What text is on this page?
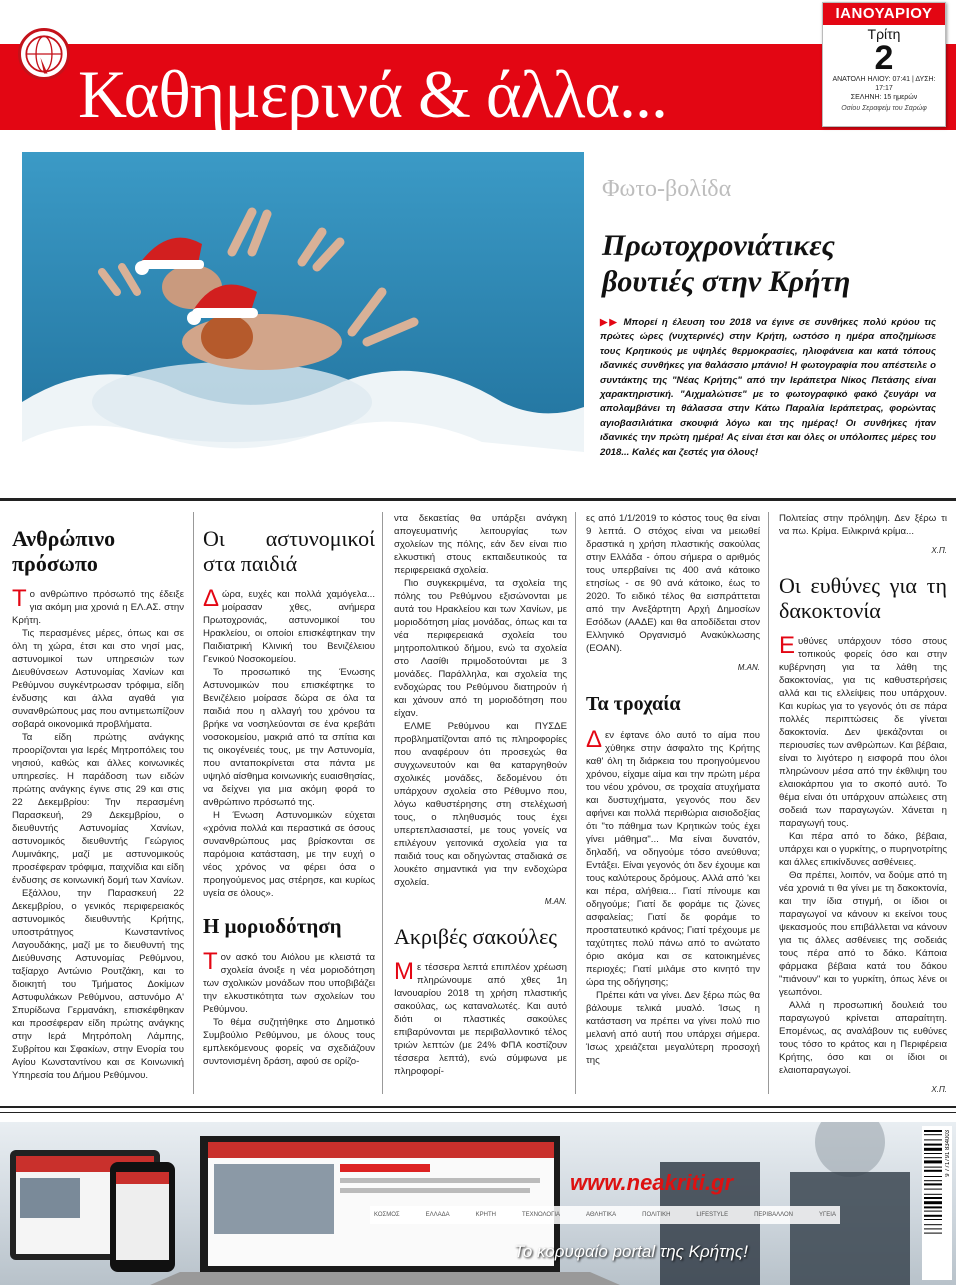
Καθημερινά & άλλα...
ΙΑΝΟΥΑΡΙΟΥ
Τρίτη
2
ΑΝΑΤΟΛΗ ΗΛΙΟΥ: 07:41 | ΔΥΣΗ: 17:17
ΣΕΛΗΝΗ: 15 ημερών
Οσίου Σεραφείμ του Σαρώφ
Φωτο-βολίδα
Πρωτοχρονιάτικες βουτιές στην Κρήτη
▶▶ Μπορεί η έλευση του 2018 να έγινε σε συνθήκες πολύ κρύου τις πρώτες ώρες (νυχτερινές) στην Κρήτη, ωστόσο η ημέρα αποζημίωσε τους Κρητικούς με υψηλές θερμοκρασίες, ηλιοφάνεια και κατά τόπους ιδανικές συνθήκες για θαλάσσιο μπάνιο! Η φωτογραφία που απέστειλε ο συντάκτης της "Νέας Κρήτης" από την Ιεράπετρα Νίκος Πετάσης είναι χαρακτηριστική. "Αιχμαλώτισε" με το φωτογραφικό φακό ζευγάρι να απολαμβάνει τη θάλασσα στην Κάτω Παραλία Ιεράπετρας, φορώντας αγιοβασιλιάτικα σκουφιά λόγω και της ημέρας! Οι συνθήκες ήταν ιδανικές την πρώτη ημέρα! Ας είναι έτσι και όλες οι υπόλοιπες μέρες του 2018... Καλές και ζεστές για όλους!
Ανθρώπινο πρόσωπο

Το ανθρώπινο πρόσωπό της έδειξε για ακόμη μια χρονιά η ΕΛ.ΑΣ. στην Κρήτη.

Τις περασμένες μέρες, όπως και σε όλη τη χώρα, έτσι και στο νησί μας, αστυνομικοί των υπηρεσιών των Διευθύνσεων Αστυνομίας Χανίων και Ρεθύμνου συγκέντρωσαν τρόφιμα, είδη ένδυσης και άλλα αγαθά για συνανθρώπους μας που αντιμετωπίζουν σοβαρά οικονομικά προβλήματα.

Τα είδη πρώτης ανάγκης προορίζονται για Ιερές Μητροπόλεις του νησιού, καθώς και άλλες κοινωνικές υπηρεσίες. Η παράδοση των ειδών πρώτης ανάγκης έγινε στις 29 και στις 22 Δεκεμβρίου: Την περασμένη Παρασκευή, 29 Δεκεμβρίου, ο διευθυντής Αστυνομίας Χανίων, αστυνομικός διευθυντής Γεώργιος Λυμινάκης, μαζί με αστυνομικούς προσέφεραν τρόφιμα, παιχνίδια και είδη ένδυσης σε κοινωνική δομή των Χανίων.

Εξάλλου, την Παρασκευή 22 Δεκεμβρίου, ο γενικός περιφερειακός αστυνομικός διευθυντής Κρήτης, υποστράτηγος Κωνσταντίνος Λαγουδάκης, μαζί με το διευθυντή της Διεύθυνσης Αστυνομίας Ρεθύμνου, ταξίαρχο Αντώνιο Ρουτζάκη, και το διοικητή του Τμήματος Δοκίμων Αστυφυλάκων Ρεθύμνου, αστυνόμο Α' Σπυρίδωνα Γερμανάκη, επισκέφθηκαν και προσέφεραν είδη πρώτης ανάγκης στην Ιερά Μητρόπολη Λάμπης, Συβρίτου και Σφακίων, στην Ενορία του Αγίου Κωνσταντίνου και σε Κοινωνική Υπηρεσία του Δήμου Ρεθύμνου.

Οι αστυνομικοί στα παιδιά

Δώρα, ευχές και πολλά χαμόγελα... μοίρασαν χθες, ανήμερα Πρωτοχρονιάς, αστυνομικοί του Ηρακλείου, οι οποίοι επισκέφτηκαν την Παιδιατρική Κλινική του Βενιζέλειου Γενικού Νοσοκομείου.

Το προσωπικό της Ένωσης Αστυνομικών που επισκέφτηκε το Βενιζέλειο μοίρασε δώρα σε όλα τα παιδιά που η αλλαγή του χρόνου τα βρήκε να νοσηλεύονται σε ένα κρεβάτι νοσοκομείου, μακριά από τα σπίτια και τις οικογένειές τους, με την Αστυνομία, που ανταποκρίνεται στα πάντα με υψηλό αίσθημα κοινωνικής ευαισθησίας, να δείχνει για μια ακόμη φορά το ανθρώπινο πρόσωπό της.

Η Ένωση Αστυνομικών εύχεται «χρόνια πολλά και περαστικά σε όσους συνανθρώπους μας βρίσκονται σε παρόμοια κατάσταση, με την ευχή ο νέος χρόνος να φέρει όσα ο προηγούμενος μας στέρησε, και κυρίως υγεία σε όλους».

Η μοριοδότηση

Τον ασκό του Αιόλου με κλειστά τα σχολεία άνοιξε η νέα μοριοδότηση των σχολικών μονάδων που υποβιβάζει την ελκυστικότητα των σχολείων του Ρεθύμνου.

Το θέμα συζητήθηκε στο Δημοτικό Συμβούλιο Ρεθύμνου, με όλους τους εμπλεκόμενους φορείς να σχεδιάζουν συντονισμένη δράση, αφού σε ορίζο-

ντα δεκαετίας θα υπάρξει ανάγκη απογευματινής λειτουργίας των σχολείων της πόλης, εάν δεν είναι πιο ελκυστική στους εκπαιδευτικούς τα περιφερειακά σχολεία.

Πιο συγκεκριμένα, τα σχολεία της πόλης του Ρεθύμνου εξισώνονται με αυτά του Ηρακλείου και των Χανίων, με μοριοδότηση μίας μονάδας, όπως και τα νέα περιφερειακά σχολεία του μητροπολιτικού δήμου, ενώ τα σχολεία στο Λασίθι πριμοδοτούνται με 3 μονάδες. Παράλληλα, και σχολεία της ενδοχώρας του Ρεθύμνου διατηρούν ή και χάνουν από τη μοριοδότηση που είχαν.

ΕΛΜΕ Ρεθύμνου και ΠΥΣΔΕ προβληματίζονται από τις πληροφορίες που αναφέρουν ότι προσεχώς θα συγχωνευτούν και θα καταργηθούν σχολικές μονάδες, δεδομένου ότι υπάρχουν σχολεία στο Ρέθυμνο που, λόγω καθυστέρησης στη στελέχωσή τους, ο πληθυσμός τους έχει υπερτεπλασιαστεί, με τους γονείς να επιλέγουν γειτονικά σχολεία για τα παιδιά τους και οδηγώντας σταδιακά σε λουκέτο σημαντικά για την ενδοχώρα σχολεία.

Μ.ΑΝ.
Ακριβές σακούλες

Με τέσσερα λεπτά επιπλέον χρέωση πληρώνουμε από χθες 1η Ιανουαρίου 2018 τη χρήση πλαστικής σακούλας, ως καταναλωτές. Και αυτό διότι οι πλαστικές σακούλες επιβαρύνονται με περιβαλλοντικό τέλος τριών λεπτών (με 24% ΦΠΑ κοστίζουν τέσσερα λεπτά), ενώ σύμφωνα με πληροφορί-

ες από 1/1/2019 το κόστος τους θα είναι 9 λεπτά. Ο στόχος είναι να μειωθεί δραστικά η χρήση πλαστικής σακούλας στην Ελλάδα - όπου σήμερα ο αριθμός τους υπερβαίνει τις 400 ανά κάτοικο ετησίως - σε 90 ανά κάτοικο, έως το 2020. Το ειδικό τέλος θα εισπράττεται από την Ανεξάρτητη Αρχή Δημοσίων Εσόδων (ΑΑΔΕ) και θα αποδίδεται στον Ελληνικό Οργανισμό Ανακύκλωσης (ΕΟΑΝ).

Μ.ΑΝ.
Τα τροχαία

Δεν έφτανε όλο αυτό το αίμα που χύθηκε στην άσφαλτο της Κρήτης καθ' όλη τη διάρκεια του προηγούμενου χρόνου, είχαμε αίμα και την πρώτη μέρα του νέου χρόνου, σε τροχαία ατυχήματα και δυστυχήματα, γεγονός που δεν αφήνει και πολλά περιθώρια αισιοδοξίας ότι "το πάθημα των Κρητικών τούς έχει γίνει μάθημα"... Μα είναι δυνατόν, δηλαδή, να οδηγούμε τόσο ανεύθυνα; Εντάξει. Είναι γεγονός ότι δεν έχουμε και τους καλύτερους δρόμους. Αλλά από 'κει και πέρα, αλήθεια... Γιατί πίνουμε και οδηγούμε; Γιατί δε φοράμε τις ζώνες ασφαλείας; Γιατί δε φοράμε το προστατευτικό κράνος; Γιατί τρέχουμε με ταχύτητες πολύ πάνω από το ανώτατο όριο ακόμα και σε κατοικημένες περιοχές; Γιατί μιλάμε στο κινητό την ώρα της οδήγησης;

Πρέπει κάτι να γίνει. Δεν ξέρω πώς θα βάλουμε τελικά μυαλό. Ίσως η κατάσταση να πρέπει να γίνει πολύ πιο μελανή από αυτή που υπάρχει σήμερα. Ίσως χρειάζεται μεγαλύτερη προσοχή της

Πολιτείας στην πρόληψη. Δεν ξέρω τι να πω. Κρίμα. Ειλικρινά κρίμα...

Χ.Π.
Οι ευθύνες για τη δακοκτονία

Ευθύνες υπάρχουν τόσο στους τοπικούς φορείς όσο και στην κυβέρνηση για τα λάθη της δακοκτονίας, για τις καθυστερήσεις αλλά και τις ελλείψεις που υπάρχουν. Και κυρίως για το γεγονός ότι σε πάρα πολλές περιπτώσεις δε γίνεται δακοκτονία. Δεν ψεκάζονται οι περιουσίες των ανθρώπων. Και βέβαια, είναι το λιγότερο η εισφορά που όλοι πληρώνουν μέσα από την έκθλιψη του ελαιοκάρπου για το σκοπό αυτό. Το θέμα είναι ότι υπάρχουν απώλειες στη σοδειά των παραγωγών. Χάνεται η παραγωγή τους.

Και πέρα από το δάκο, βέβαια, υπάρχει και ο γυρκίτης, ο πυρηνοτρίτης και άλλες επικίνδυνες ασθένειες.

Θα πρέπει, λοιπόν, να δούμε από τη νέα χρονιά τι θα γίνει με τη δακοκτονία, και την ίδια στιγμή, οι ίδιοι οι παραγωγοί να κάνουν κι εκείνοι τους ψεκασμούς που επιβάλλεται να κάνουν για τις άλλες ασθένειες της σοδειάς τους πέρα από το δάκο. Κάποια φάρμακα βέβαια κατά του δάκου "πιάνουν" και το γυρκίτη, όπως λένε οι γεωπόνοι.

Αλλά η προσωπική δουλειά του παραγωγού κρίνεται απαραίτητη. Επομένως, ας αναλάβουν τις ευθύνες τους τόσο το κράτος και η Περιφέρεια Κρήτης, όσο και οι ίδιοι οι ελαιοπαραγωγοί.

Χ.Π.
ΚΟΣΜΟΣ	ΕΛΛΑΔΑ	ΚΡΗΤΗ	ΤΕΧΝΟΛΟΓΙΑ	ΑΘΛΗΤΙΚΑ	ΠΟΛΙΤΙΚΗ	LIFESTYLE	ΠΕΡΙΒΑΛΛΟΝ	ΥΓΕΙΑ
www.neakriti.gr
Το κορυφαίο portal της Κρήτης!
9 771791 834003
